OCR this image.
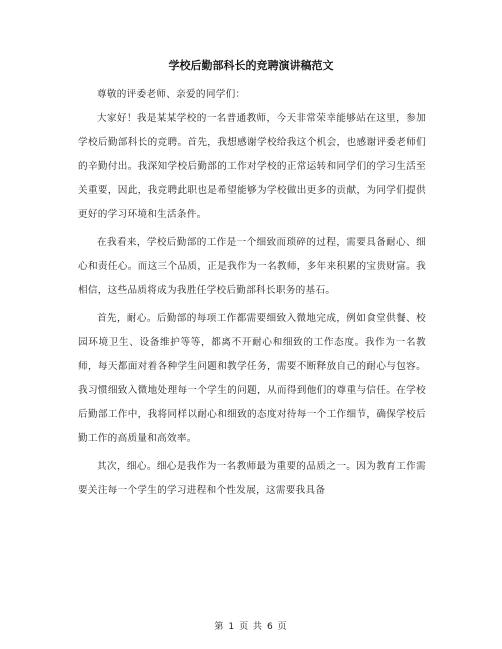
学校后勤部科长的竞聘演讲稿范文

尊敬的评委老师、亲爱的同学们：

大家好！我是某某学校的一名普通教师，今天非常荣幸能够站在这里，参加学校后勤部科长的竞聘。首先，我想感谢学校给我这个机会，也感谢评委老师们的辛勤付出。我深知学校后勤部的工作对学校的正常运转和同学们的学习生活至关重要，因此，我竞聘此职也是希望能够为学校做出更多的贡献，为同学们提供更好的学习环境和生活条件。

在我看来，学校后勤部的工作是一个细致而琐碎的过程，需要具备耐心、细心和责任心。而这三个品质，正是我作为一名教师，多年来积累的宝贵财富。我相信，这些品质将成为我胜任学校后勤部科长职务的基石。

首先，耐心。后勤部的每项工作都需要细致入微地完成，例如食堂供餐、校园环境卫生、设备维护等等，都离不开耐心和细致的工作态度。我作为一名教师，每天都面对着各种学生问题和教学任务，需要不断释放自己的耐心与包容。我习惯细致入微地处理每一个学生的问题，从而得到他们的尊重与信任。在学校后勤部工作中，我将同样以耐心和细致的态度对待每一个工作细节，确保学校后勤工作的高质量和高效率。

其次，细心。细心是我作为一名教师最为重要的品质之一。因为教育工作需要关注每一个学生的学习进程和个性发展，这需要我具备

第 1 页 共 6 页
